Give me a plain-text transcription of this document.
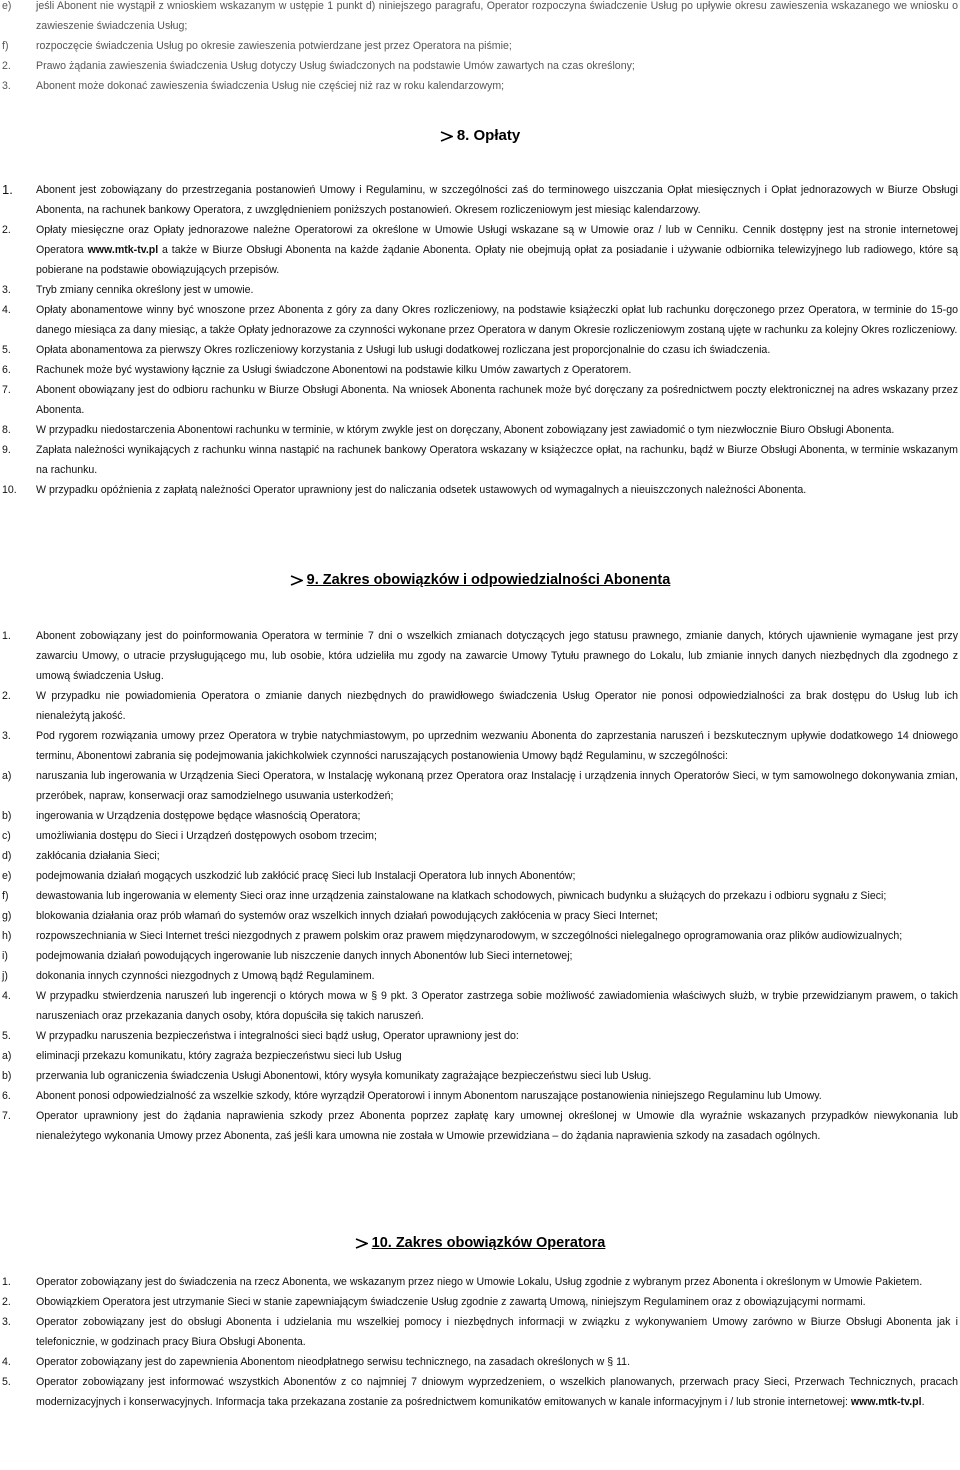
e)	jeśli Abonent nie wystąpił z wnioskiem wskazanym w ustępie 1 punkt d) niniejszego paragrafu, Operator rozpoczyna świadczenie Usług po upływie okresu zawieszenia wskazanego we wniosku o zawieszenie świadczenia Usług;
f)	rozpoczęcie świadczenia Usług po okresie zawieszenia potwierdzane jest przez Operatora na piśmie;
2.	Prawo żądania zawieszenia świadczenia Usług dotyczy Usług świadczonych na podstawie Umów zawartych na czas określony;
3.	Abonent może dokonać zawieszenia świadczenia Usług nie częściej niż raz w roku kalendarzowym;
8. Opłaty
1.	Abonent jest zobowiązany do przestrzegania postanowień Umowy i Regulaminu, w szczególności zaś do terminowego uiszczania Opłat miesięcznych i Opłat jednorazowych w Biurze Obsługi Abonenta, na rachunek bankowy Operatora, z uwzględnieniem poniższych postanowień. Okresem rozliczeniowym jest miesiąc kalendarzowy.
2.	Opłaty miesięczne oraz Opłaty jednorazowe należne Operatorowi za określone w Umowie Usługi wskazane są w Umowie oraz / lub w Cenniku. Cennik dostępny jest na stronie internetowej Operatora www.mtk-tv.pl a także w Biurze Obsługi Abonenta na każde żądanie Abonenta. Opłaty nie obejmują opłat za posiadanie i używanie odbiornika telewizyjnego lub radiowego, które są pobierane na podstawie obowiązujących przepisów.
3.	Tryb zmiany cennika określony jest w umowie.
4.	Opłaty abonamentowe winny być wnoszone przez Abonenta z góry za dany Okres rozliczeniowy, na podstawie książeczki opłat lub rachunku doręczonego przez Operatora, w terminie do 15-go danego miesiąca za dany miesiąc, a także Opłaty jednorazowe za czynności wykonane przez Operatora w danym Okresie rozliczeniowym zostaną ujęte w rachunku za kolejny Okres rozliczeniowy.
5.	Opłata abonamentowa za pierwszy Okres rozliczeniowy korzystania z Usługi lub usługi dodatkowej rozliczana jest proporcjonalnie do czasu ich świadczenia.
6.	Rachunek może być wystawiony łącznie za Usługi świadczone Abonentowi na podstawie kilku Umów zawartych z Operatorem.
7.	Abonent obowiązany jest do odbioru rachunku w Biurze Obsługi Abonenta. Na wniosek Abonenta rachunek może być doręczany za pośrednictwem poczty elektronicznej na adres wskazany przez Abonenta.
8.	W przypadku niedostarczenia Abonentowi rachunku w terminie, w którym zwykle jest on doręczany, Abonent zobowiązany jest zawiadomić o tym niezwłocznie Biuro Obsługi Abonenta.
9.	Zapłata należności wynikających z rachunku winna nastąpić na rachunek bankowy Operatora wskazany w książeczce opłat, na rachunku, bądź w Biurze Obsługi Abonenta, w terminie wskazanym na rachunku.
10.	W przypadku opóźnienia z zapłatą należności Operator uprawniony jest do naliczania odsetek ustawowych od wymagalnych a nieuiszczonych należności Abonenta.
9. Zakres obowiązków i odpowiedzialności Abonenta
1.	Abonent zobowiązany jest do poinformowania Operatora w terminie 7 dni o wszelkich zmianach dotyczących jego statusu prawnego, zmianie danych, których ujawnienie wymagane jest przy zawarciu Umowy, o utracie przysługującego mu, lub osobie, która udzieliła mu zgody na zawarcie Umowy Tytułu prawnego do Lokalu, lub zmianie innych danych niezbędnych dla zgodnego z umową świadczenia Usług.
2.	W przypadku nie powiadomienia Operatora o zmianie danych niezbędnych do prawidłowego świadczenia Usług Operator nie ponosi odpowiedzialności za brak dostępu do Usług lub ich nienależytą jakość.
3.	Pod rygorem rozwiązania umowy przez Operatora w trybie natychmiastowym, po uprzednim wezwaniu Abonenta do zaprzestania naruszeń i bezskutecznym upływie dodatkowego 14 dniowego terminu, Abonentowi zabrania się podejmowania jakichkolwiek czynności naruszających postanowienia Umowy bądź Regulaminu, w szczególności:
a)	naruszania lub ingerowania w Urządzenia Sieci Operatora, w Instalację wykonaną przez Operatora oraz Instalację i urządzenia innych Operatorów Sieci, w tym samowolnego dokonywania zmian, przeróbek, napraw, konserwacji oraz samodzielnego usuwania usterkodżeń;
b)	ingerowania w Urządzenia dostępowe będące własnością Operatora;
c)	umożliwiania dostępu do Sieci i Urządzeń dostępowych osobom trzecim;
d)	zakłócania działania Sieci;
e)	podejmowania działań mogących uszkodzić lub zakłócić pracę Sieci lub Instalacji Operatora lub innych Abonentów;
f)	dewastowania lub ingerowania w elementy Sieci oraz inne urządzenia zainstalowane na klatkach schodowych, piwnicach budynku a służących do przekazu i odbioru sygnału z Sieci;
g)	blokowania działania oraz prób włamań do systemów oraz wszelkich innych działań powodujących zakłócenia w pracy Sieci Internet;
h)	rozpowszechniania w Sieci Internet treści niezgodnych z prawem polskim oraz prawem międzynarodowym, w szczególności nielegalnego oprogramowania oraz plików audiowizualnych;
i)	podejmowania działań powodujących ingerowanie lub niszczenie danych innych Abonentów lub Sieci internetowej;
j)	dokonania innych czynności niezgodnych z Umową bądź Regulaminem.
4.	W przypadku stwierdzenia naruszeń lub ingerencji o których mowa w § 9 pkt. 3 Operator zastrzega sobie możliwość zawiadomienia właściwych służb, w trybie przewidzianym prawem, o takich naruszeniach oraz przekazania danych osoby, która dopuściła się takich naruszeń.
5.	W przypadku naruszenia bezpieczeństwa i integralności sieci bądź usług, Operator uprawniony jest do:
a)	eliminacji przekazu komunikatu, który zagraża bezpieczeństwu sieci lub Usług
b)	przerwania lub ograniczenia świadczenia Usługi Abonentowi, który wysyła komunikaty zagrażające bezpieczeństwu sieci lub Usług.
6.	Abonent ponosi odpowiedzialność za wszelkie szkody, które wyrządził Operatorowi i innym Abonentom naruszające postanowienia niniejszego Regulaminu lub Umowy.
7.	Operator uprawniony jest do żądania naprawienia szkody przez Abonenta poprzez zapłatę kary umownej określonej w Umowie dla wyraźnie wskazanych przypadków niewykonania lub nienależytego wykonania Umowy przez Abonenta, zaś jeśli kara umowna nie została w Umowie przewidziana – do żądania naprawienia szkody na zasadach ogólnych.
10. Zakres obowiązków Operatora
1.	Operator zobowiązany jest do świadczenia na rzecz Abonenta, we wskazanym przez niego w Umowie Lokalu, Usług zgodnie z wybranym przez Abonenta i określonym w Umowie Pakietem.
2.	Obowiązkiem Operatora jest utrzymanie Sieci w stanie zapewniającym świadczenie Usług zgodnie z zawartą Umową, niniejszym Regulaminem oraz z obowiązującymi normami.
3.	Operator zobowiązany jest do obsługi Abonenta i udzielania mu wszelkiej pomocy i niezbędnych informacji w związku z wykonywaniem Umowy zarówno w Biurze Obsługi Abonenta jak i telefonicznie, w godzinach pracy Biura Obsługi Abonenta.
4.	Operator zobowiązany jest do zapewnienia Abonentom nieodpłatnego serwisu technicznego, na zasadach określonych w § 11.
5.	Operator zobowiązany jest informować wszystkich Abonentów z co najmniej 7 dniowym wyprzedzeniem, o wszelkich planowanych, przerwach pracy Sieci, Przerwach Technicznych, pracach modernizacyjnych i konserwacyjnych. Informacja taka przekazana zostanie za pośrednictwem komunikatów emitowanych w kanale informacyjnym i / lub stronie internetowej: www.mtk-tv.pl.
